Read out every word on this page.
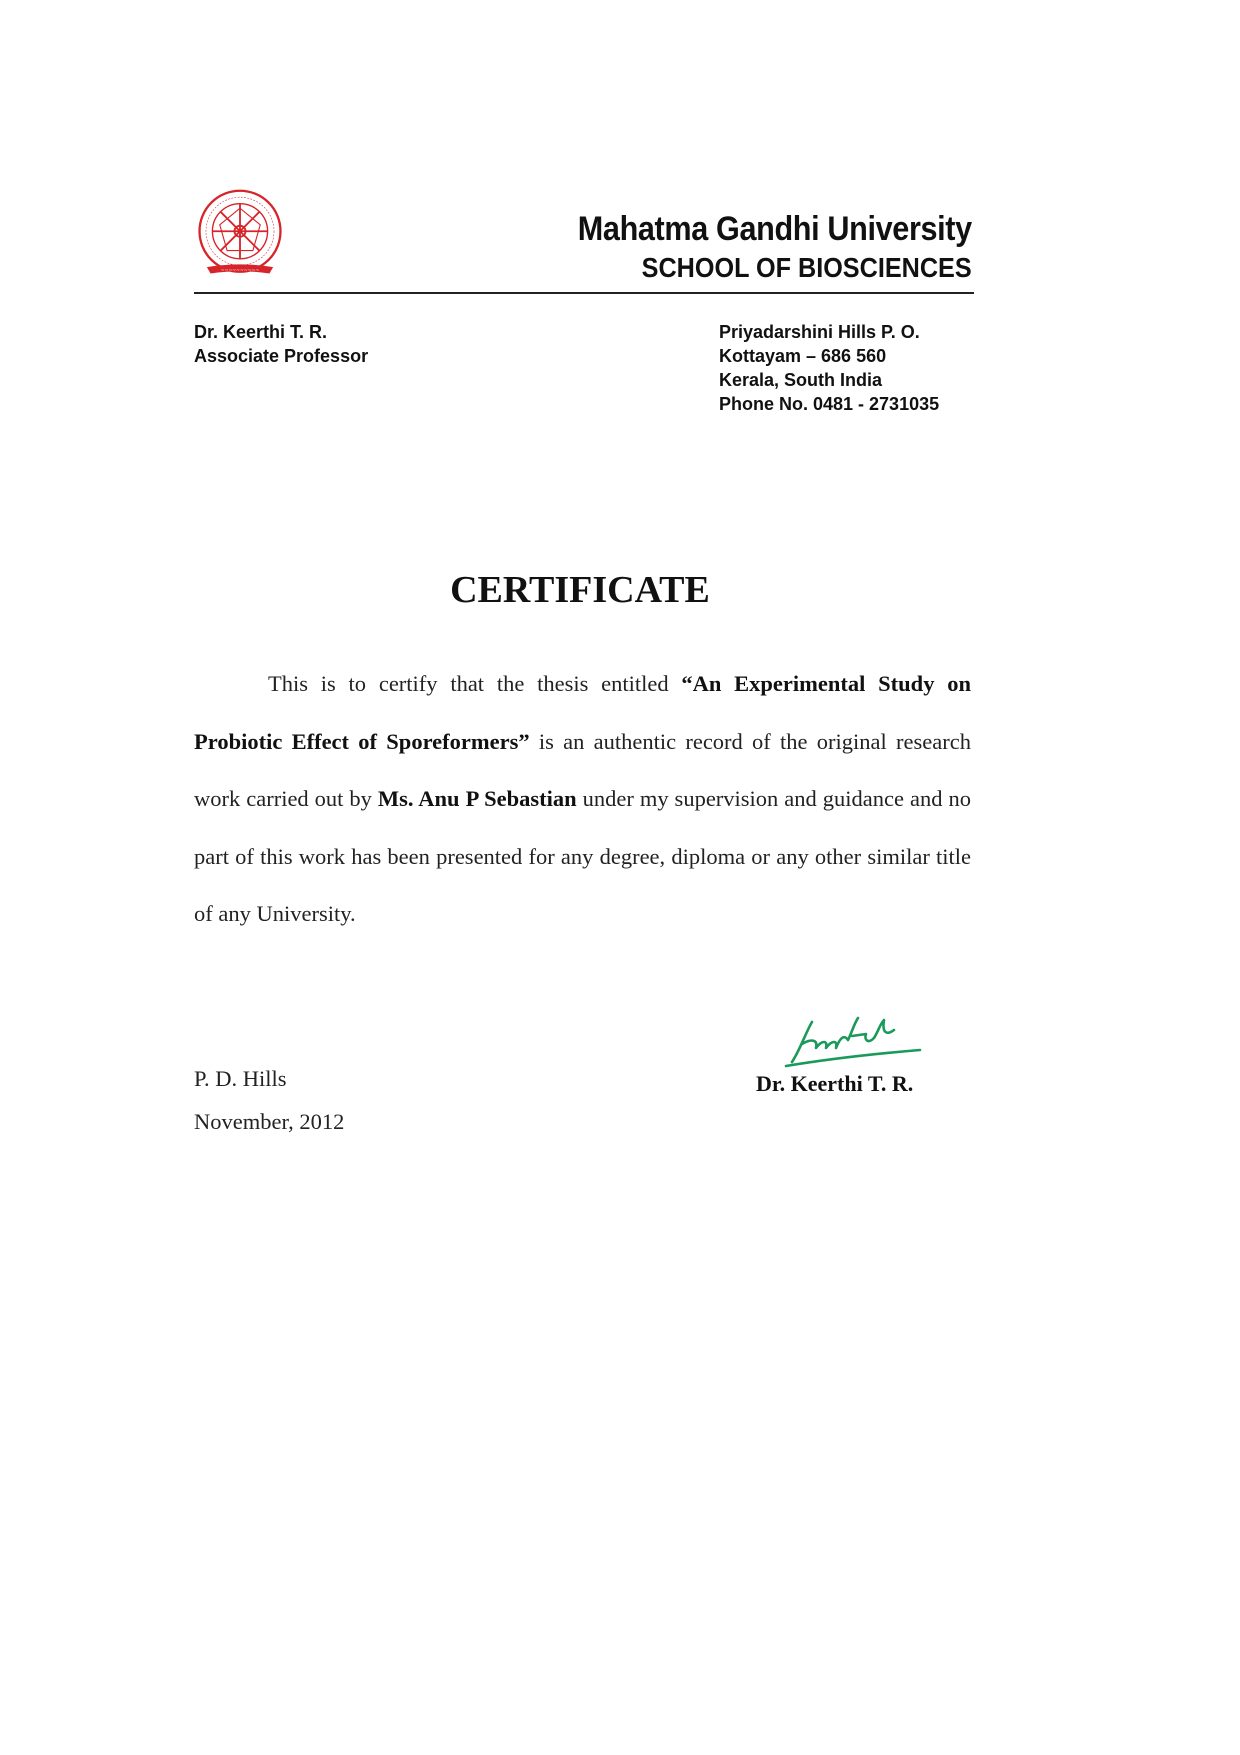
~~~~~~~~~~
Mahatma Gandhi University
SCHOOL OF BIOSCIENCES
Dr. Keerthi T. R.
Associate Professor
Priyadarshini Hills P. O.
Kottayam – 686 560
Kerala, South India
Phone No. 0481 - 2731035
CERTIFICATE
This is to certify that the thesis entitled “An Experimental Study on Probiotic Effect of Sporeformers” is an authentic record of the original research work carried out by Ms. Anu P Sebastian under my supervision and guidance and no part of this work has been presented for any degree, diploma or any other similar title of any University.
P. D. Hills
November, 2012
Dr. Keerthi T. R.
